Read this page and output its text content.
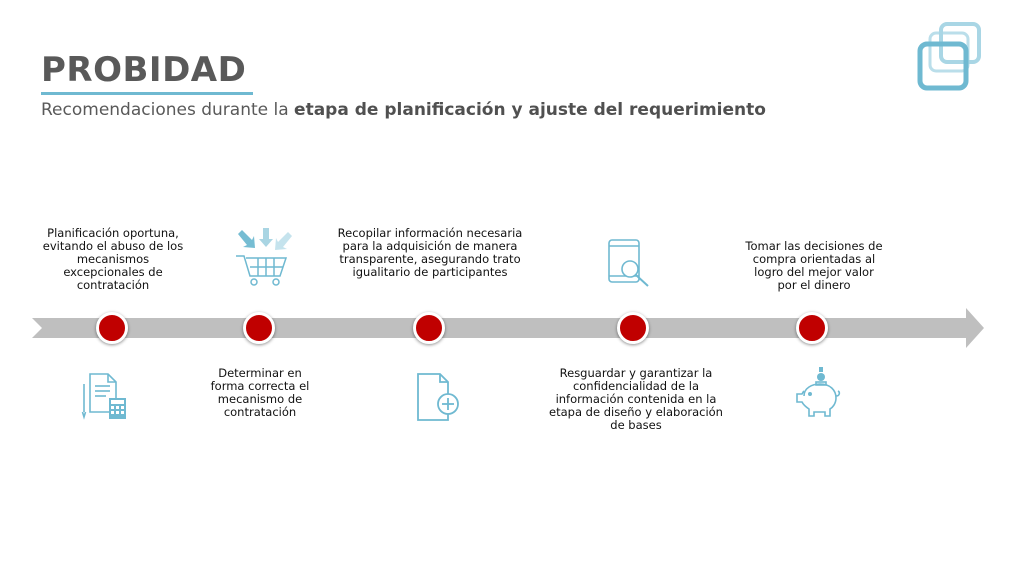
PROBIDAD
Recomendaciones durante la etapa de planificación y ajuste del requerimiento
Planificación oportuna, evitando el abuso de los mecanismos excepcionales de contratación
Determinar en forma correcta el mecanismo de contratación
Recopilar información necesaria para la adquisición de manera transparente, asegurando trato igualitario de participantes
Resguardar y garantizar la confidencialidad de la información contenida en la etapa de diseño y elaboración de bases
Tomar las decisiones de compra orientadas al logro del mejor valor por el dinero
